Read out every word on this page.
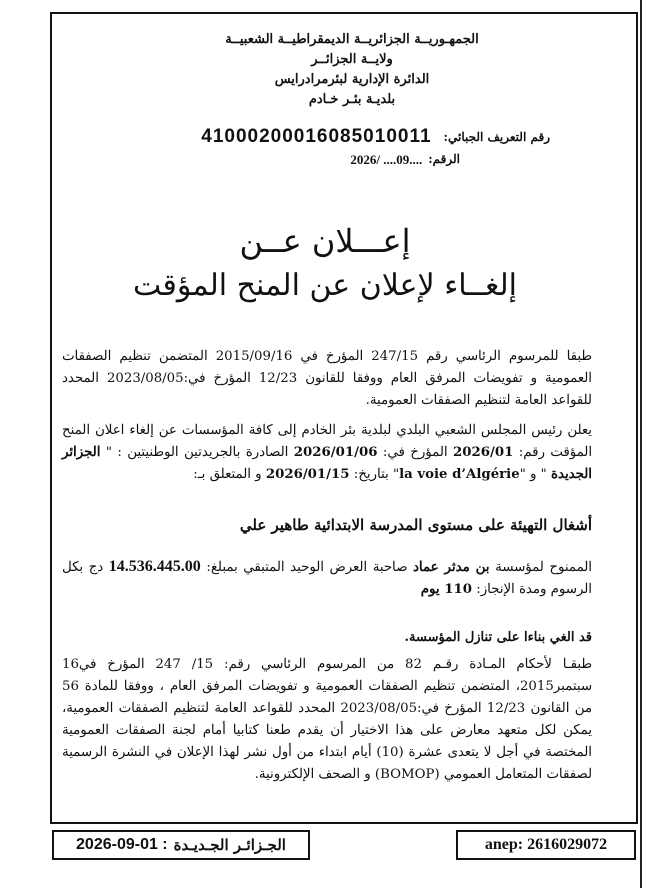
الجمهـوريــة الجزائريــة الديمقراطيــة الشعبيــة
ولايــة الجزائــر
الدائرة الإدارية لبئرمرادرايس
بلديـة بئـر خـادم
رقم التعريف الجبائي:
41000200016085010011
الرقم:
2026/ ....09....
إعـــلان عــن
إلغــاء لإعلان عن المنح المؤقت
طبقا للمرسوم الرئاسي رقم 247/15 المؤرخ في 2015/09/16 المتضمن تنظيم الصفقات العمومية و تفويضات المرفق العام ووفقا للقانون 12/23 المؤرخ في:2023/08/05 المحدد للقواعد العامة لتنظيم الصفقات العمومية.
يعلن رئيس المجلس الشعبي البلدي لبلدية بئر الخادم إلى كافة المؤسسات عن إلغاء اعلان المنح المؤقت رقم: 2026/01 المؤرخ في: 2026/01/06 الصادرة بالجريدتين الوطنيتين : " الجزائر الجديدة " و "la voie d’Algérie" بتاريخ: 2026/01/15 و المتعلق بـ:
أشغال التهيئة على مستوى المدرسة الابتدائية طاهير علي
الممنوح لمؤسسة بن مدثر عماد صاحبة العرض الوحيد المتبقي بمبلغ: 14.536.445.00 دج بكل الرسوم ومدة الإنجاز: 110 يوم
قد الغي بناءا على تنازل المؤسسة.
طبقـا لأحكام المـادة رقـم 82 من المرسوم الرئاسي رقم: 15/ 247 المؤرخ في16 سبتمبر2015، المتضمن تنظيم الصفقات العمومية و تفويضات المرفق العام ، ووفقا للمادة 56 من القانون 12/23 المؤرخ في:2023/08/05 المحدد للقواعد العامة لتنظيم الصفقات العمومية، يمكن لكل متعهد معارض على هذا الاختيار أن يقدم طعنا كتابيا أمام لجنة الصفقات العمومية المختصة في أجل لا يتعدى عشرة (10) أيام ابتداء من أول نشر لهذا الإعلان في النشرة الرسمية لصفقات المتعامل العمومي (BOMOP) و الصحف الإلكترونية.
2026-09-01 : الجـزائـر الجـديـدة	anep: 2616029072
